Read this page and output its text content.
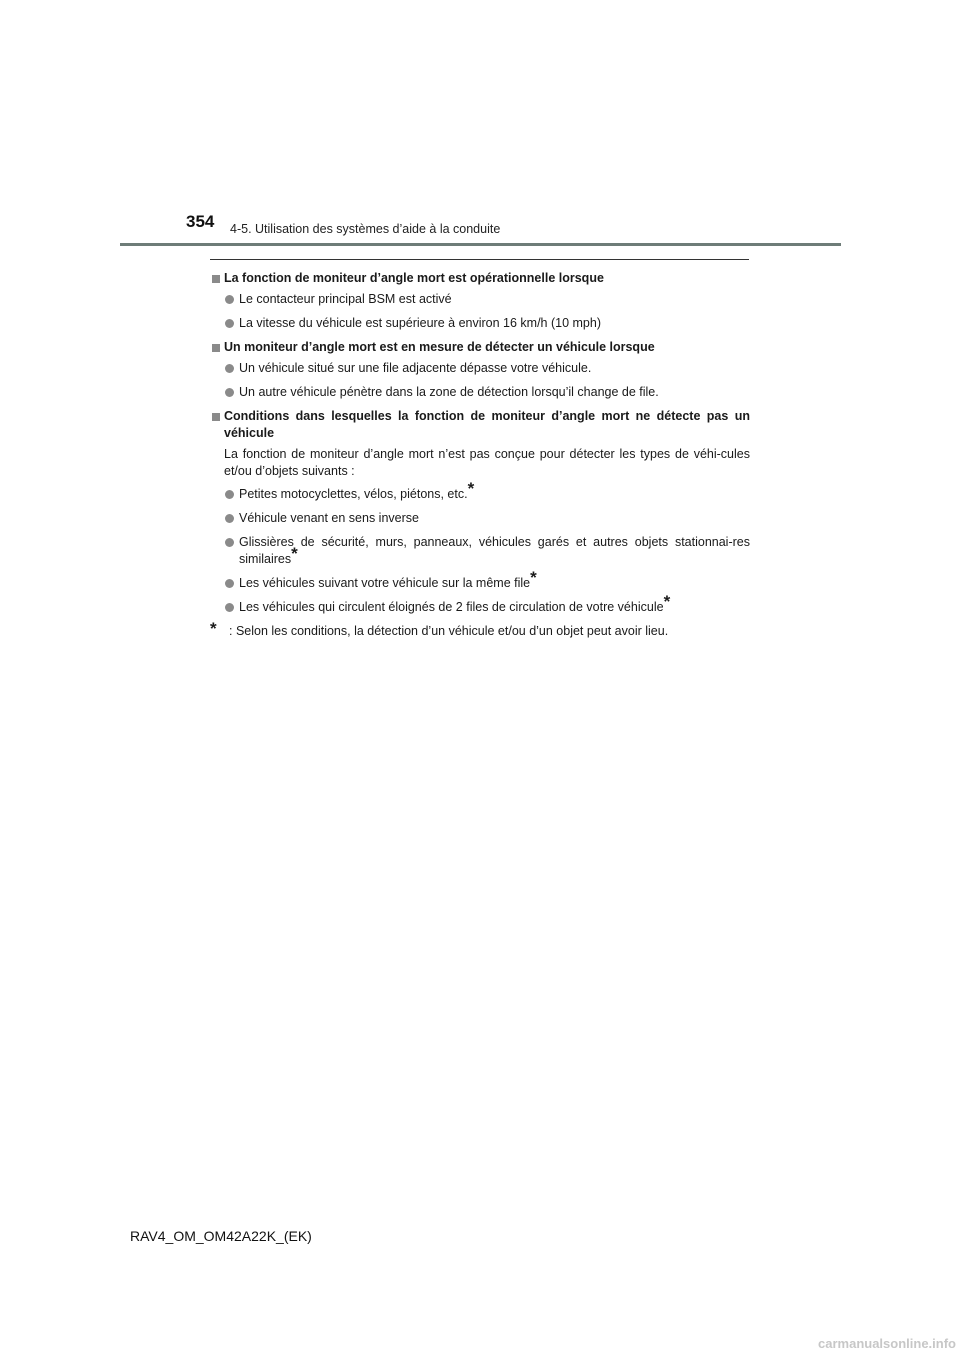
354 4-5. Utilisation des systèmes d’aide à la conduite
La fonction de moniteur d’angle mort est opérationnelle lorsque
Le contacteur principal BSM est activé
La vitesse du véhicule est supérieure à environ 16 km/h (10 mph)
Un moniteur d’angle mort est en mesure de détecter un véhicule lorsque
Un véhicule situé sur une file adjacente dépasse votre véhicule.
Un autre véhicule pénètre dans la zone de détection lorsqu’il change de file.
Conditions dans lesquelles la fonction de moniteur d’angle mort ne détecte pas un véhicule
La fonction de moniteur d’angle mort n’est pas conçue pour détecter les types de véhi-cules et/ou d’objets suivants :
Petites motocyclettes, vélos, piétons, etc.*
Véhicule venant en sens inverse
Glissières de sécurité, murs, panneaux, véhicules garés et autres objets stationnai-res similaires*
Les véhicules suivant votre véhicule sur la même file*
Les véhicules qui circulent éloignés de 2 files de circulation de votre véhicule*
* : Selon les conditions, la détection d’un véhicule et/ou d’un objet peut avoir lieu.
RAV4_OM_OM42A22K_(EK)
carmanualsonline.info
